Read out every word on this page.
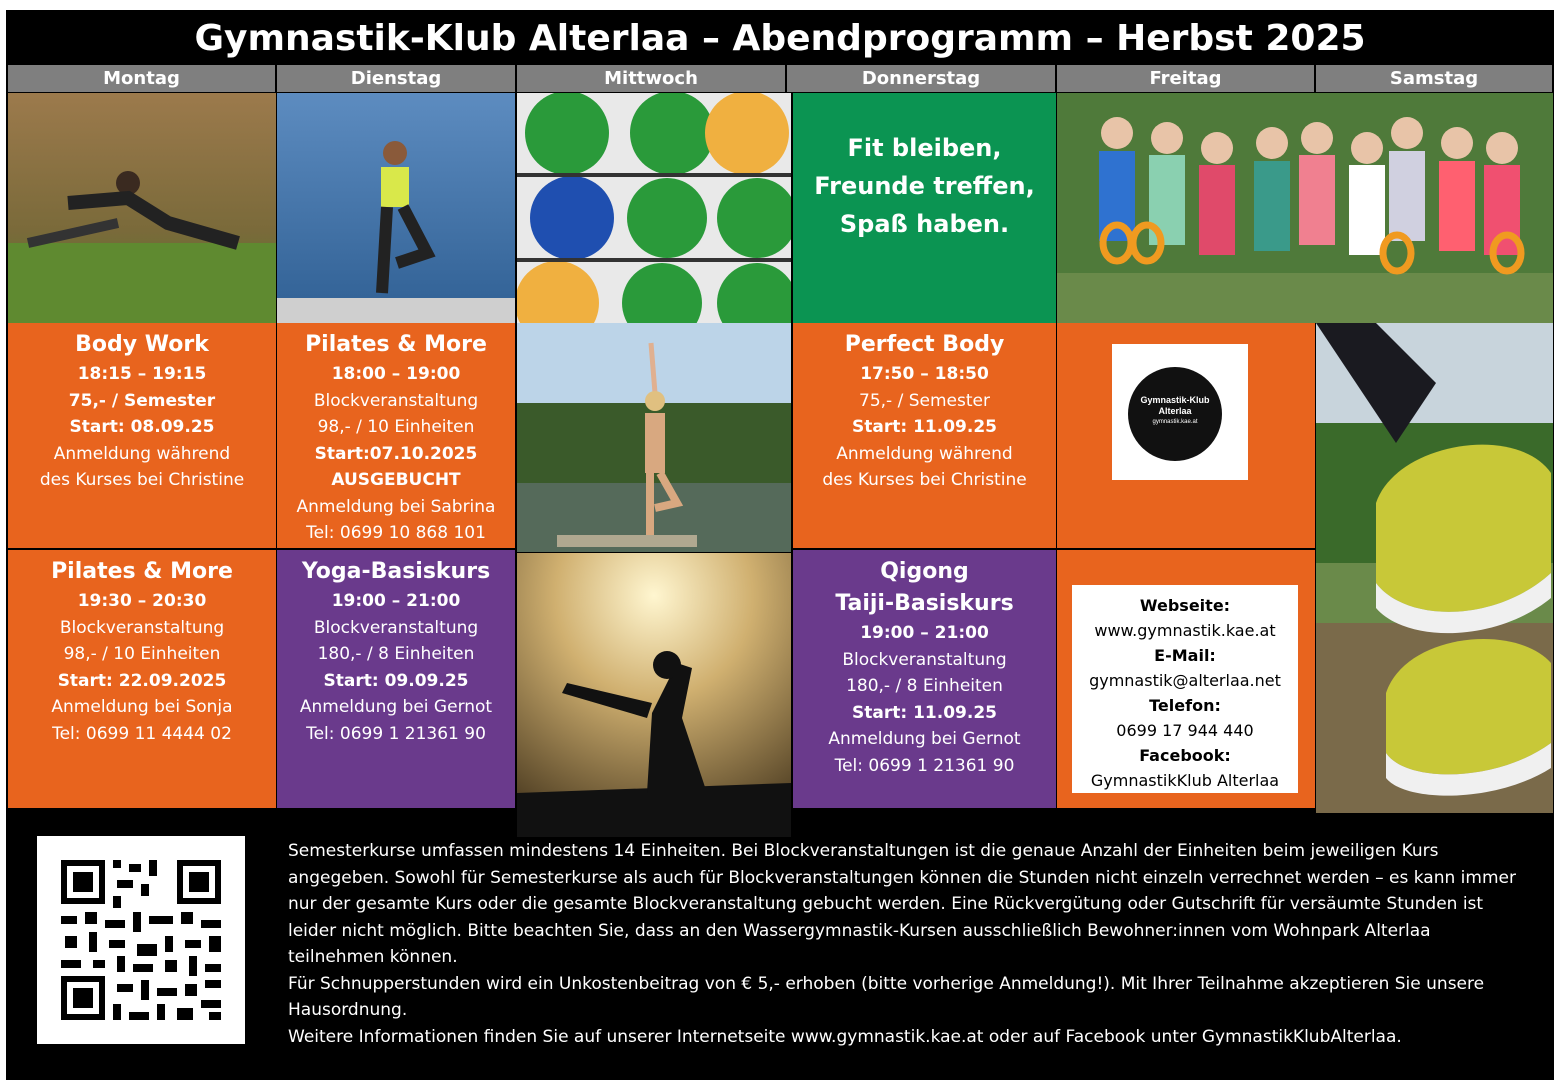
Gymnastik-Klub Alterlaa – Abendprogramm – Herbst 2025
Montag	Dienstag	Mittwoch	Donnerstag	Freitag	Samstag
Fit bleiben,
Freunde treffen,
Spaß haben.
Body Work
18:15 – 19:15
75,- / Semester
Start: 08.09.25
Anmeldung während
des Kurses bei Christine
Pilates & More
18:00 – 19:00
Blockveranstaltung
98,- / 10 Einheiten
Start:07.10.2025
AUSGEBUCHT
Anmeldung bei Sabrina
Tel: 0699 10 868 101
Perfect Body
17:50 – 18:50
75,- / Semester
Start: 11.09.25
Anmeldung während
des Kurses bei Christine
Gymnastik-Klub
Alterlaa
gymnastik.kae.at
Pilates & More
19:30 – 20:30
Blockveranstaltung
98,- / 10 Einheiten
Start: 22.09.2025
Anmeldung bei Sonja
Tel: 0699 11 4444 02
Yoga-Basiskurs
19:00 – 21:00
Blockveranstaltung
180,- / 8 Einheiten
Start: 09.09.25
Anmeldung bei Gernot
Tel: 0699 1 21361 90
Qigong
Taiji-Basiskurs
19:00 – 21:00
Blockveranstaltung
180,- / 8 Einheiten
Start: 11.09.25
Anmeldung bei Gernot
Tel: 0699 1 21361 90
Webseite:
www.gymnastik.kae.at
E-Mail:
gymnastik@alterlaa.net
Telefon:
0699 17 944 440
Facebook:
GymnastikKlub Alterlaa
Semesterkurse umfassen mindestens 14 Einheiten. Bei Blockveranstaltungen ist die genaue Anzahl der Einheiten beim jeweiligen Kurs angegeben. Sowohl für Semesterkurse als auch für Blockveranstaltungen können die Stunden nicht einzeln verrechnet werden – es kann immer nur der gesamte Kurs oder die gesamte Blockveranstaltung gebucht werden. Eine Rückvergütung oder Gutschrift für versäumte Stunden ist leider nicht möglich. Bitte beachten Sie, dass an den Wassergymnastik-Kursen ausschließlich Bewohner:innen vom Wohnpark Alterlaa teilnehmen können.
Für Schnupperstunden wird ein Unkostenbeitrag von € 5,- erhoben (bitte vorherige Anmeldung!). Mit Ihrer Teilnahme akzeptieren Sie unsere Hausordnung.
Weitere Informationen finden Sie auf unserer Internetseite www.gymnastik.kae.at oder auf Facebook unter GymnastikKlubAlterlaa.
